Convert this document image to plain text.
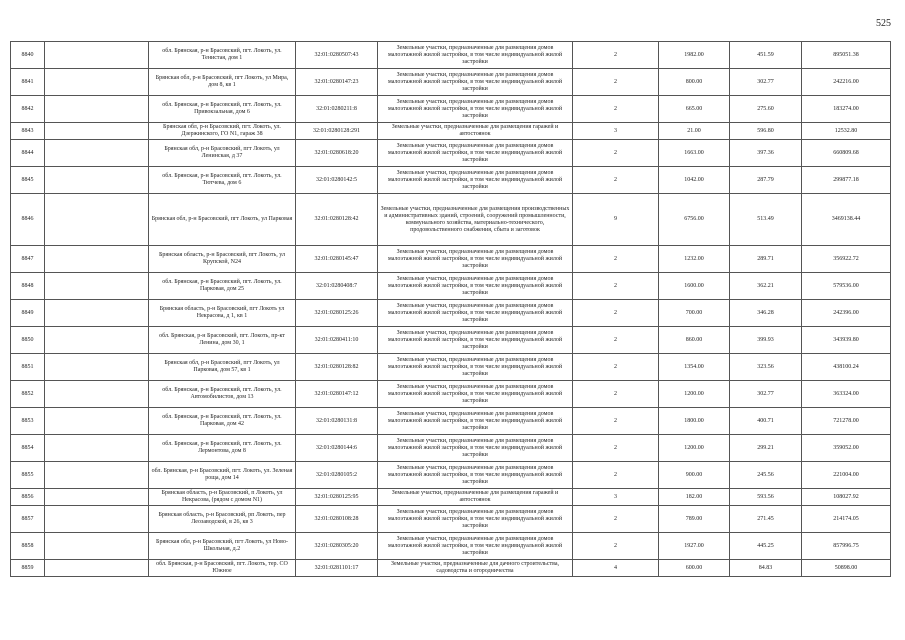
525
8840		обл. Брянская, р-н Брасовский, пгт. Локоть, ул. Тенистая, дом 1	32:01:0280507:43	Земельные участки, предназначенные для размещения домов малоэтажной жилой застройки, в том числе индивидуальной жилой застройки	2	1982.00	451.59	895051.38
8841		Брянская обл, р-н Брасовский, пгт Локоть, ул Мира, дом 8, кв 1	32:01:0280147:23	Земельные участки, предназначенные для размещения домов малоэтажной жилой застройки, в том числе индивидуальной жилой застройки	2	800.00	302.77	242216.00
8842		обл. Брянская, р-н Брасовский, пгт. Локоть, ул. Привокзальная, дом 6	32:01:0280211:8	Земельные участки, предназначенные для размещения домов малоэтажной жилой застройки, в том числе индивидуальной жилой застройки	2	665.00	275.60	183274.00
8843		Брянская обл, р-н Брасовский, пгт. Локоть, ул. Дзержинского, ГО N1, гараж 38	32:01:0280128:291	Земельные участки, предназначенные для размещения гаражей и автостоянок	3	21.00	596.80	12532.80
8844		Брянская обл, р-н Брасовский, пгт Локоть, ул Ленинская, д 37	32:01:0280618:20	Земельные участки, предназначенные для размещения домов малоэтажной жилой застройки, в том числе индивидуальной жилой застройки	2	1663.00	397.36	660809.68
8845		обл. Брянская, р-н Брасовский, пгт. Локоть, ул. Тютчева, дом 6	32:01:0280142:5	Земельные участки, предназначенные для размещения домов малоэтажной жилой застройки, в том числе индивидуальной жилой застройки	2	1042.00	287.79	299877.18
8846		Брянская обл, р-н Брасовский, пгт Локоть, ул Парковая	32:01:0280128:42	Земельные участки, предназначенные для размещения производственных и административных зданий, строений, сооружений промышленности, коммунального хозяйства, материально-технического, продовольственного снабжения, сбыта и заготовок	9	6756.00	513.49	3469138.44
8847		Брянская область, р-н Брасовский, пгт Локоть, ул Крупской, N24	32:01:0280145:47	Земельные участки, предназначенные для размещения домов малоэтажной жилой застройки, в том числе индивидуальной жилой застройки	2	1232.00	289.71	356922.72
8848		обл. Брянская, р-н Брасовский, пгт. Локоть, ул. Парковая, дом 25	32:01:0280408:7	Земельные участки, предназначенные для размещения домов малоэтажной жилой застройки, в том числе индивидуальной жилой застройки	2	1600.00	362.21	579536.00
8849		Брянская область, р-н Брасовский, пгт Локоть ул Некрасова, д 1, кв 1	32:01:0280125:26	Земельные участки, предназначенные для размещения домов малоэтажной жилой застройки, в том числе индивидуальной жилой застройки	2	700.00	346.28	242396.00
8850		обл. Брянская, р-н Брасовский, пгт. Локоть, пр-кт Ленина, дом 30, 1	32:01:0280411:10	Земельные участки, предназначенные для размещения домов малоэтажной жилой застройки, в том числе индивидуальной жилой застройки	2	860.00	399.93	343939.80
8851		Брянская обл, р-н Брасовский, пгт Локоть, ул Парковая, дом 57, кв 1	32:01:0280128:82	Земельные участки, предназначенные для размещения домов малоэтажной жилой застройки, в том числе индивидуальной жилой застройки	2	1354.00	323.56	438100.24
8852		обл. Брянская, р-н Брасовский, пгт. Локоть, ул. Автомобилистов, дом 13	32:01:0280147:12	Земельные участки, предназначенные для размещения домов малоэтажной жилой застройки, в том числе индивидуальной жилой застройки	2	1200.00	302.77	363324.00
8853		обл. Брянская, р-н Брасовский, пгт. Локоть, ул. Парковая, дом 42	32:01:0280131:8	Земельные участки, предназначенные для размещения домов малоэтажной жилой застройки, в том числе индивидуальной жилой застройки	2	1800.00	400.71	721278.00
8854		обл. Брянская, р-н Брасовский, пгт. Локоть, ул. Лермонтова, дом 8	32:01:0280144:6	Земельные участки, предназначенные для размещения домов малоэтажной жилой застройки, в том числе индивидуальной жилой застройки	2	1200.00	299.21	359052.00
8855		обл. Брянская, р-н Брасовский, пгт. Локоть, ул. Зеленая роща, дом 14	32:01:0280105:2	Земельные участки, предназначенные для размещения домов малоэтажной жилой застройки, в том числе индивидуальной жилой застройки	2	900.00	245.56	221004.00
8856		Брянская область, р-н Брасовский, п Локоть, ул Некрасова, (рядом с домом N1)	32:01:0280125:95	Земельные участки, предназначенные для размещения гаражей и автостоянок	3	182.00	593.56	108027.92
8857		Брянская область, р-н Брасовский, рп Локоть, пер Леозаводской, в 26, кв 3	32:01:0280108:28	Земельные участки, предназначенные для размещения домов малоэтажной жилой застройки, в том числе индивидуальной жилой застройки	2	789.00	271.45	214174.05
8858		Брянская обл, р-н Брасовский, пгт Локоть, ул Ново-Школьная, д.2	32:01:0280305:20	Земельные участки, предназначенные для размещения домов малоэтажной жилой застройки, в том числе индивидуальной жилой застройки	2	1927.00	445.25	857996.75
8859		обл. Брянская, р-н Брасовский, пгт. Локоть, тер. СО Южное	32:01:0281101:17	Земельные участки, предназначенные для дачного строительства, садоводства и огородничества	4	600.00	84.83	50898.00
